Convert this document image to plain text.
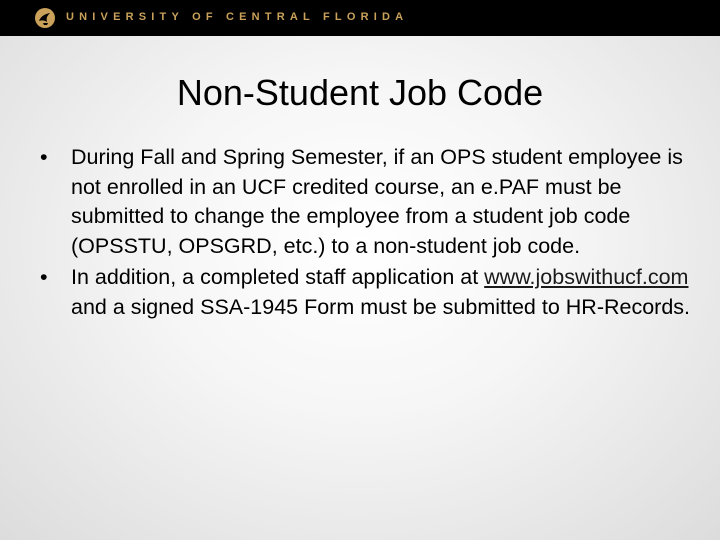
UNIVERSITY OF CENTRAL FLORIDA
Non-Student Job Code
• During Fall and Spring Semester, if an OPS student employee is not enrolled in an UCF credited course, an e.PAF must be submitted to change the employee from a student job code (OPSSTU, OPSGRD, etc.) to a non-student job code.
• In addition, a completed staff application at www.jobswithucf.com and a signed SSA-1945 Form must be submitted to HR-Records.
